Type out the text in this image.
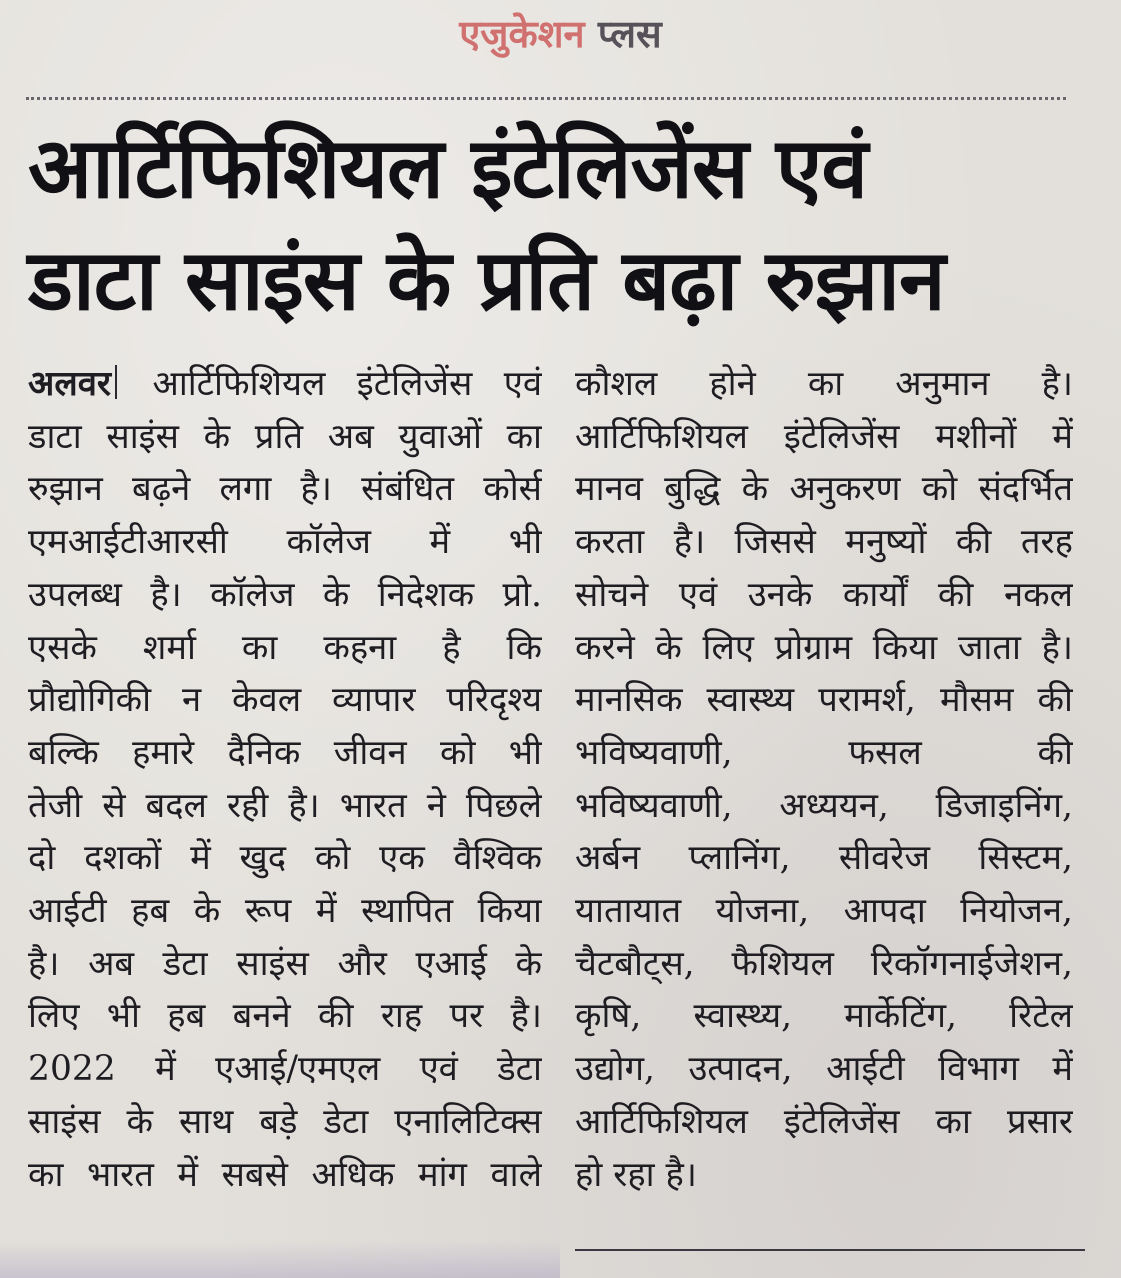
एजुकेशन प्लस
आर्टिफिशियल इंटेलिजेंस एवं
डाटा साइंस के प्रति बढ़ा रुझान
अलवर आर्टिफिशियल इंटेलिजेंस एवं
डाटा साइंस के प्रति अब युवाओं का
रुझान बढ़ने लगा है। संबंधित कोर्स
एमआईटीआरसी कॉलेज में भी
उपलब्ध है। कॉलेज के निदेशक प्रो.
एसके शर्मा का कहना है कि
प्रौद्योगिकी न केवल व्यापार परिदृश्य
बल्कि हमारे दैनिक जीवन को भी
तेजी से बदल रही है। भारत ने पिछले
दो दशकों में खुद को एक वैश्विक
आईटी हब के रूप में स्थापित किया
है। अब डेटा साइंस और एआई के
लिए भी हब बनने की राह पर है।
2022 में एआई/एमएल एवं डेटा
साइंस के साथ बड़े डेटा एनालिटिक्स
का भारत में सबसे अधिक मांग वाले
कौशल होने का अनुमान है।
आर्टिफिशियल इंटेलिजेंस मशीनों में
मानव बुद्धि के अनुकरण को संदर्भित
करता है। जिससे मनुष्यों की तरह
सोचने एवं उनके कार्यों की नकल
करने के लिए प्रोग्राम किया जाता है।
मानसिक स्वास्थ्य परामर्श, मौसम की
भविष्यवाणी, फसल की
भविष्यवाणी, अध्ययन, डिजाइनिंग,
अर्बन प्लानिंग, सीवरेज सिस्टम,
यातायात योजना, आपदा नियोजन,
चैटबौट्स, फैशियल रिकॉगनाईजेशन,
कृषि, स्वास्थ्य, मार्केटिंग, रिटेल
उद्योग, उत्पादन, आईटी विभाग में
आर्टिफिशियल इंटेलिजेंस का प्रसार
हो रहा है।
